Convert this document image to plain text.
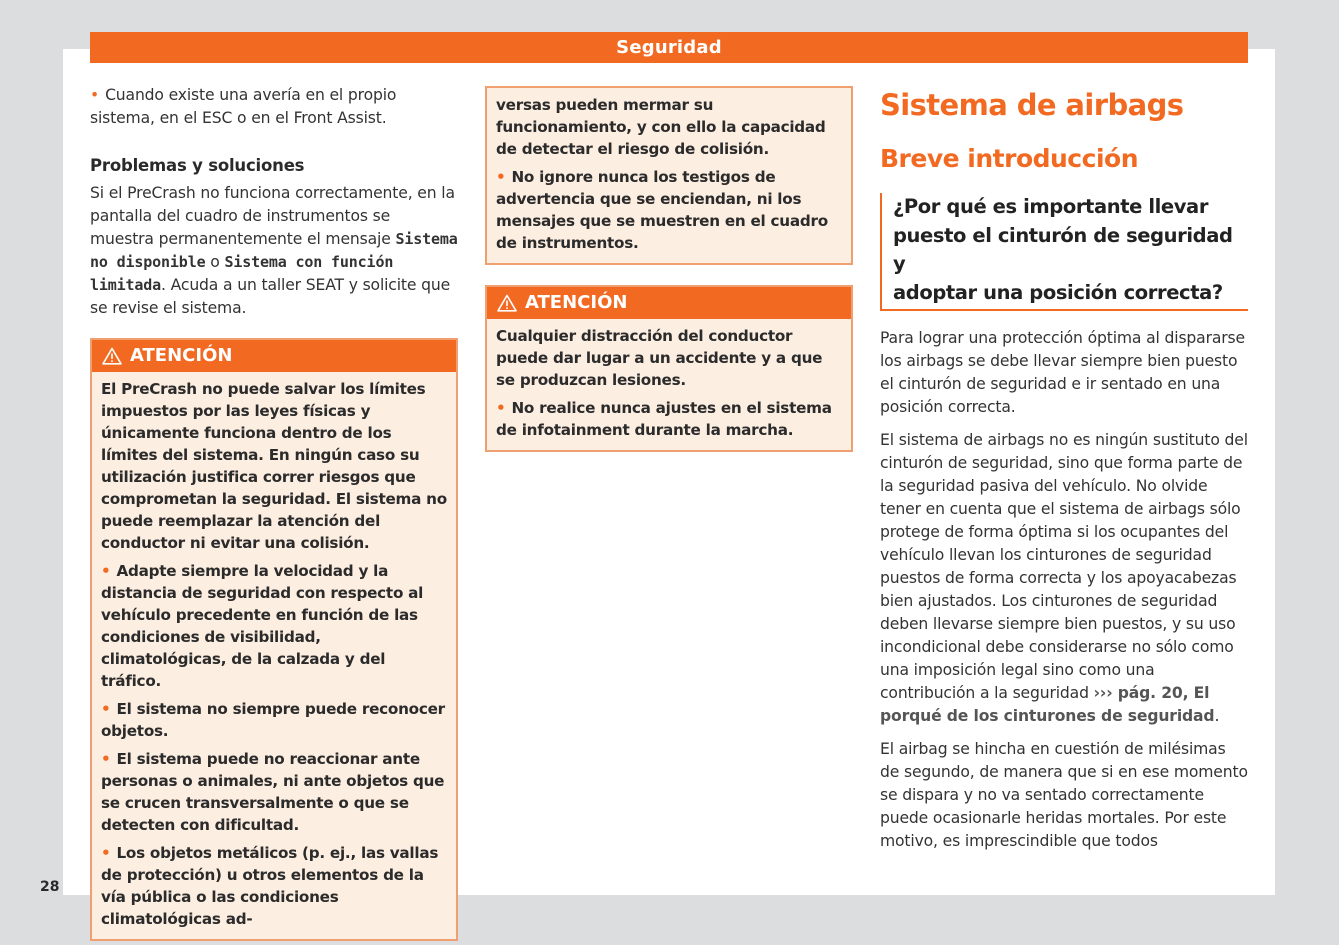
Seguridad

• Cuando existe una avería en el propio sistema, en el ESC o en el Front Assist.

Problemas y soluciones

Si el PreCrash no funciona correctamente, en la pantalla del cuadro de instrumentos se muestra permanentemente el mensaje Sistema no disponible o Sistema con función limitada. Acuda a un taller SEAT y solicite que se revise el sistema.

ATENCIÓN

El PreCrash no puede salvar los límites impuestos por las leyes físicas y únicamente funciona dentro de los límites del sistema. En ningún caso su utilización justifica correr riesgos que comprometan la seguridad. El sistema no puede reemplazar la atención del conductor ni evitar una colisión.

• Adapte siempre la velocidad y la distancia de seguridad con respecto al vehículo precedente en función de las condiciones de visibilidad, climatológicas, de la calzada y del tráfico.

• El sistema no siempre puede reconocer objetos.

• El sistema puede no reaccionar ante personas o animales, ni ante objetos que se crucen transversalmente o que se detecten con dificultad.

• Los objetos metálicos (p. ej., las vallas de protección) u otros elementos de la vía pública o las condiciones climatológicas ad-

versas pueden mermar su funcionamiento, y con ello la capacidad de detectar el riesgo de colisión.

• No ignore nunca los testigos de advertencia que se enciendan, ni los mensajes que se muestren en el cuadro de instrumentos.

ATENCIÓN

Cualquier distracción del conductor puede dar lugar a un accidente y a que se produzcan lesiones.

• No realice nunca ajustes en el sistema de infotainment durante la marcha.

Sistema de airbags
Breve introducción

¿Por qué es importante llevar

puesto el cinturón de seguridad y

adoptar una posición correcta?

Para lograr una protección óptima al dispararse los airbags se debe llevar siempre bien puesto el cinturón de seguridad e ir sentado en una posición correcta.

El sistema de airbags no es ningún sustituto del cinturón de seguridad, sino que forma parte de la seguridad pasiva del vehículo. No olvide tener en cuenta que el sistema de airbags sólo protege de forma óptima si los ocupantes del vehículo llevan los cinturones de seguridad puestos de forma correcta y los apoyacabezas bien ajustados. Los cinturones de seguridad deben llevarse siempre bien puestos, y su uso incondicional debe considerarse no sólo como una imposición legal sino como una contribución a la seguridad ››› pág. 20, El porqué de los cinturones de seguridad.

El airbag se hincha en cuestión de milésimas de segundo, de manera que si en ese momento se dispara y no va sentado correctamente puede ocasionarle heridas mortales. Por este motivo, es imprescindible que todos

28
